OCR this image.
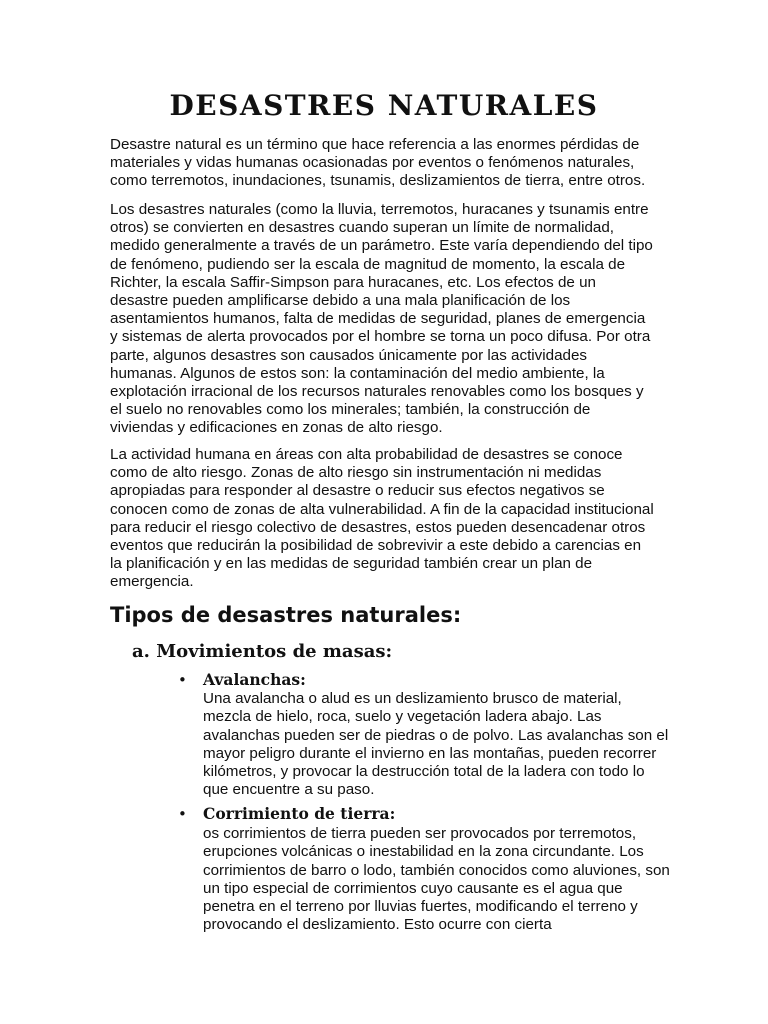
DESASTRES NATURALES

Desastre natural es un término que hace referencia a las enormes pérdidas de materiales y vidas humanas ocasionadas por eventos o fenómenos naturales, como terremotos, inundaciones, tsunamis, deslizamientos de tierra, entre otros.

Los desastres naturales (como la lluvia, terremotos, huracanes y tsunamis entre otros) se convierten en desastres cuando superan un límite de normalidad, medido generalmente a través de un parámetro. Este varía dependiendo del tipo de fenómeno, pudiendo ser la escala de magnitud de momento, la escala de Richter, la escala Saffir-Simpson para huracanes, etc. Los efectos de un desastre pueden amplificarse debido a una mala planificación de los asentamientos humanos, falta de medidas de seguridad, planes de emergencia y sistemas de alerta provocados por el hombre se torna un poco difusa. Por otra parte, algunos desastres son causados únicamente por las actividades humanas. Algunos de estos son: la contaminación del medio ambiente, la explotación irracional de los recursos naturales renovables como los bosques y el suelo no renovables como los minerales; también, la construcción de viviendas y edificaciones en zonas de alto riesgo.

La actividad humana en áreas con alta probabilidad de desastres se conoce como de alto riesgo. Zonas de alto riesgo sin instrumentación ni medidas apropiadas para responder al desastre o reducir sus efectos negativos se conocen como de zonas de alta vulnerabilidad. A fin de la capacidad institucional para reducir el riesgo colectivo de desastres, estos pueden desencadenar otros eventos que reducirán la posibilidad de sobrevivir a este debido a carencias en la planificación y en las medidas de seguridad también crear un plan de emergencia.

Tipos de desastres naturales:
a. Movimientos de masas:
• Avalanchas:

Una avalancha o alud es un deslizamiento brusco de material, mezcla de hielo, roca, suelo y vegetación ladera abajo. Las avalanchas pueden ser de piedras o de polvo. Las avalanchas son el mayor peligro durante el invierno en las montañas, pueden recorrer kilómetros, y provocar la destrucción total de la ladera con todo lo que encuentre a su paso.

• Corrimiento de tierra:

os corrimientos de tierra pueden ser provocados por terremotos, erupciones volcánicas o inestabilidad en la zona circundante. Los corrimientos de barro o lodo, también conocidos como aluviones, son un tipo especial de corrimientos cuyo causante es el agua que penetra en el terreno por lluvias fuertes, modificando el terreno y provocando el deslizamiento. Esto ocurre con cierta
